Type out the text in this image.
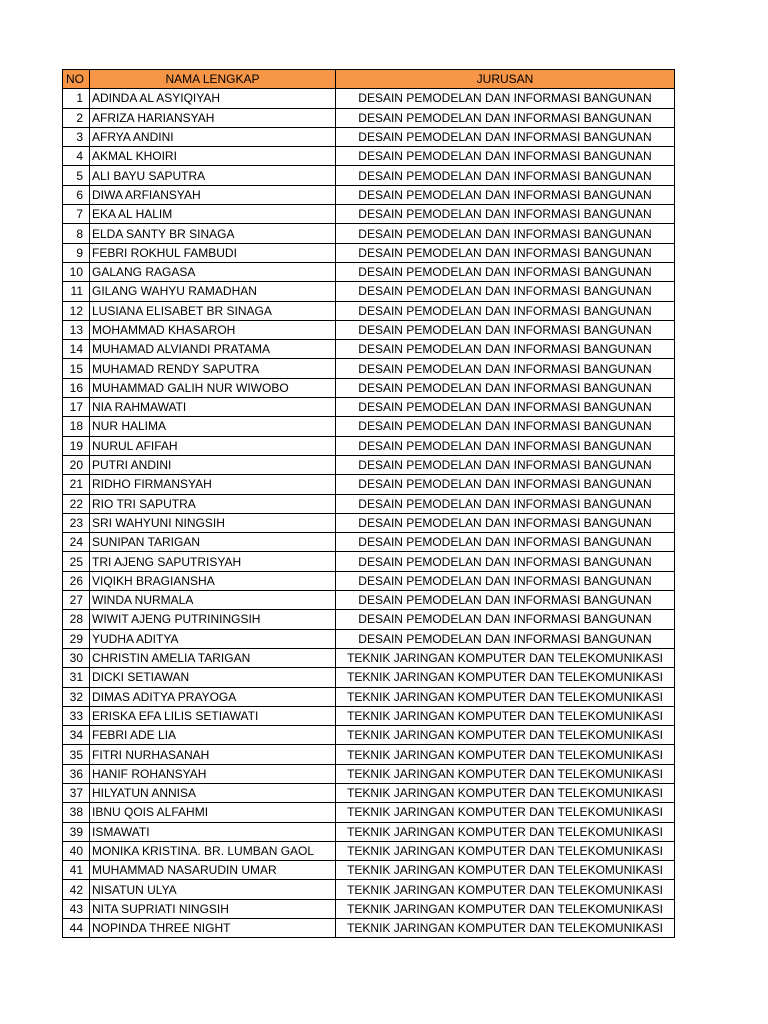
NO	NAMA LENGKAP	JURUSAN
1	ADINDA AL ASYIQIYAH	DESAIN PEMODELAN DAN INFORMASI BANGUNAN
2	AFRIZA HARIANSYAH	DESAIN PEMODELAN DAN INFORMASI BANGUNAN
3	AFRYA ANDINI	DESAIN PEMODELAN DAN INFORMASI BANGUNAN
4	AKMAL KHOIRI	DESAIN PEMODELAN DAN INFORMASI BANGUNAN
5	ALI BAYU SAPUTRA	DESAIN PEMODELAN DAN INFORMASI BANGUNAN
6	DIWA ARFIANSYAH	DESAIN PEMODELAN DAN INFORMASI BANGUNAN
7	EKA AL HALIM	DESAIN PEMODELAN DAN INFORMASI BANGUNAN
8	ELDA SANTY BR SINAGA	DESAIN PEMODELAN DAN INFORMASI BANGUNAN
9	FEBRI ROKHUL FAMBUDI	DESAIN PEMODELAN DAN INFORMASI BANGUNAN
10	GALANG RAGASA	DESAIN PEMODELAN DAN INFORMASI BANGUNAN
11	GILANG WAHYU RAMADHAN	DESAIN PEMODELAN DAN INFORMASI BANGUNAN
12	LUSIANA ELISABET BR SINAGA	DESAIN PEMODELAN DAN INFORMASI BANGUNAN
13	MOHAMMAD KHASAROH	DESAIN PEMODELAN DAN INFORMASI BANGUNAN
14	MUHAMAD ALVIANDI PRATAMA	DESAIN PEMODELAN DAN INFORMASI BANGUNAN
15	MUHAMAD RENDY SAPUTRA	DESAIN PEMODELAN DAN INFORMASI BANGUNAN
16	MUHAMMAD GALIH NUR WIWOBO	DESAIN PEMODELAN DAN INFORMASI BANGUNAN
17	NIA RAHMAWATI	DESAIN PEMODELAN DAN INFORMASI BANGUNAN
18	NUR HALIMA	DESAIN PEMODELAN DAN INFORMASI BANGUNAN
19	NURUL AFIFAH	DESAIN PEMODELAN DAN INFORMASI BANGUNAN
20	PUTRI ANDINI	DESAIN PEMODELAN DAN INFORMASI BANGUNAN
21	RIDHO FIRMANSYAH	DESAIN PEMODELAN DAN INFORMASI BANGUNAN
22	RIO TRI SAPUTRA	DESAIN PEMODELAN DAN INFORMASI BANGUNAN
23	SRI WAHYUNI NINGSIH	DESAIN PEMODELAN DAN INFORMASI BANGUNAN
24	SUNIPAN TARIGAN	DESAIN PEMODELAN DAN INFORMASI BANGUNAN
25	TRI AJENG SAPUTRISYAH	DESAIN PEMODELAN DAN INFORMASI BANGUNAN
26	VIQIKH BRAGIANSHA	DESAIN PEMODELAN DAN INFORMASI BANGUNAN
27	WINDA NURMALA	DESAIN PEMODELAN DAN INFORMASI BANGUNAN
28	WIWIT AJENG PUTRININGSIH	DESAIN PEMODELAN DAN INFORMASI BANGUNAN
29	YUDHA ADITYA	DESAIN PEMODELAN DAN INFORMASI BANGUNAN
30	CHRISTIN AMELIA TARIGAN	TEKNIK JARINGAN KOMPUTER DAN TELEKOMUNIKASI
31	DICKI SETIAWAN	TEKNIK JARINGAN KOMPUTER DAN TELEKOMUNIKASI
32	DIMAS ADITYA PRAYOGA	TEKNIK JARINGAN KOMPUTER DAN TELEKOMUNIKASI
33	ERISKA EFA LILIS SETIAWATI	TEKNIK JARINGAN KOMPUTER DAN TELEKOMUNIKASI
34	FEBRI ADE LIA	TEKNIK JARINGAN KOMPUTER DAN TELEKOMUNIKASI
35	FITRI NURHASANAH	TEKNIK JARINGAN KOMPUTER DAN TELEKOMUNIKASI
36	HANIF ROHANSYAH	TEKNIK JARINGAN KOMPUTER DAN TELEKOMUNIKASI
37	HILYATUN ANNISA	TEKNIK JARINGAN KOMPUTER DAN TELEKOMUNIKASI
38	IBNU QOIS ALFAHMI	TEKNIK JARINGAN KOMPUTER DAN TELEKOMUNIKASI
39	ISMAWATI	TEKNIK JARINGAN KOMPUTER DAN TELEKOMUNIKASI
40	MONIKA KRISTINA. BR. LUMBAN GAOL	TEKNIK JARINGAN KOMPUTER DAN TELEKOMUNIKASI
41	MUHAMMAD NASARUDIN UMAR	TEKNIK JARINGAN KOMPUTER DAN TELEKOMUNIKASI
42	NISATUN ULYA	TEKNIK JARINGAN KOMPUTER DAN TELEKOMUNIKASI
43	NITA SUPRIATI NINGSIH	TEKNIK JARINGAN KOMPUTER DAN TELEKOMUNIKASI
44	NOPINDA THREE NIGHT	TEKNIK JARINGAN KOMPUTER DAN TELEKOMUNIKASI
